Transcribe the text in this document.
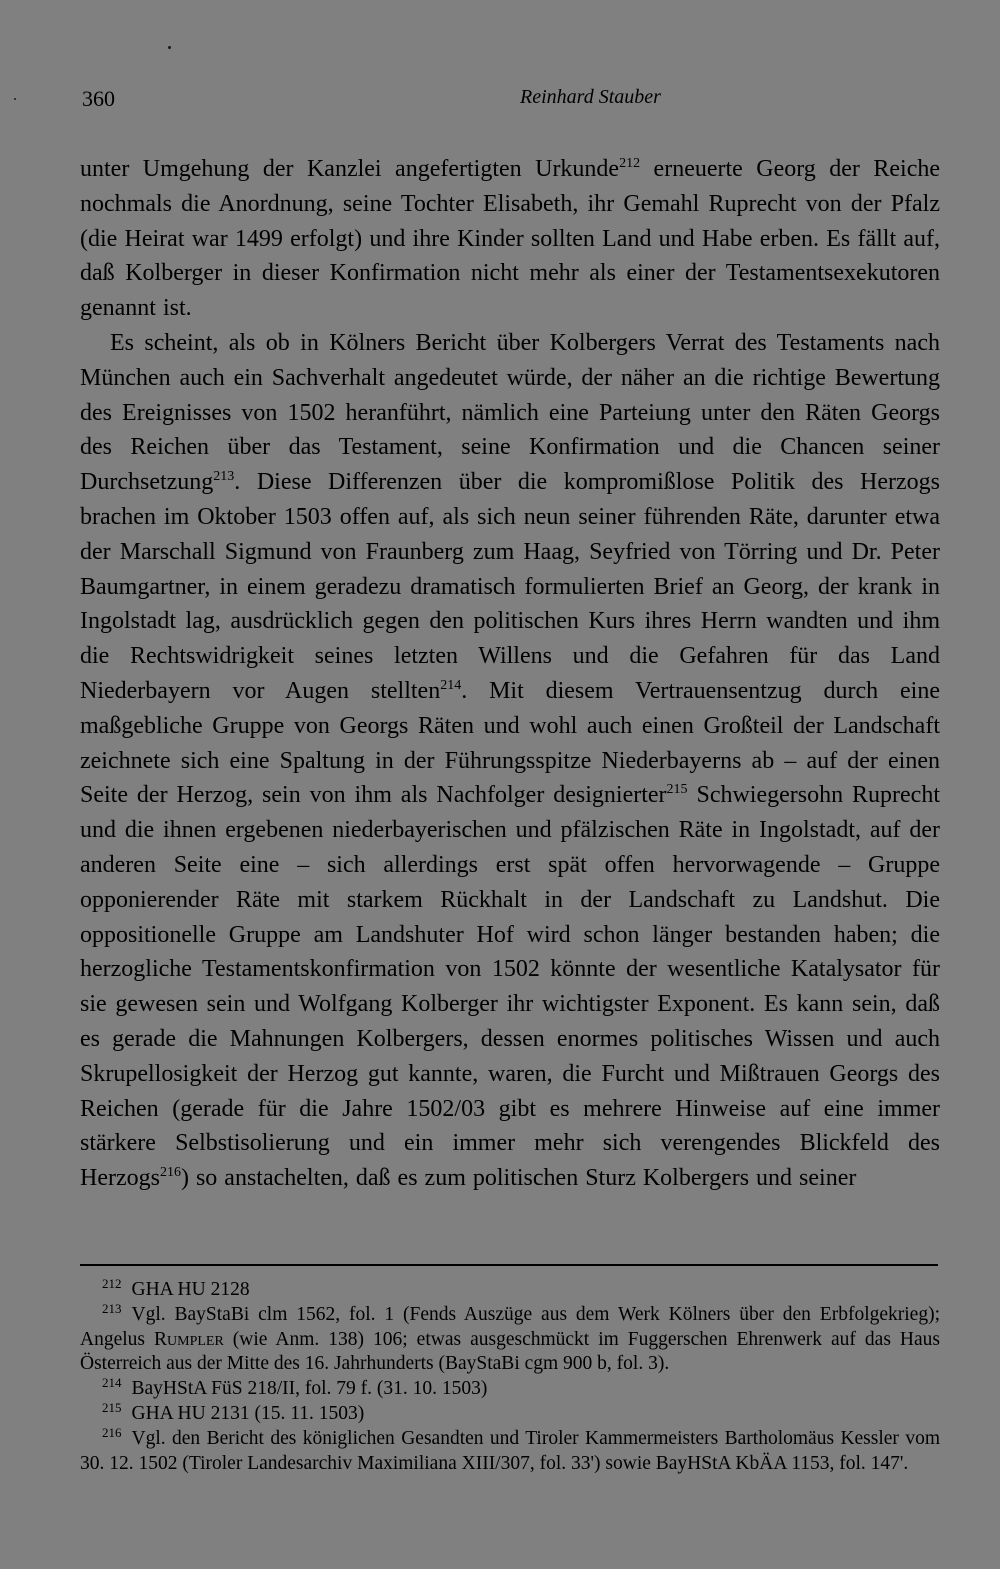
360	Reinhard Stauber

unter Umgehung der Kanzlei angefertigten Urkunde$^{212}$ erneuerte Georg der Reiche nochmals die Anordnung, seine Tochter Elisabeth, ihr Gemahl Ruprecht von der Pfalz (die Heirat war 1499 erfolgt) und ihre Kinder sollten Land und Habe erben. Es fällt auf, daß Kolberger in dieser Konfirmation nicht mehr als einer der Testamentsexekutoren genannt ist.

Es scheint, als ob in Kölners Bericht über Kolbergers Verrat des Testaments nach München auch ein Sachverhalt angedeutet würde, der näher an die richtige Bewertung des Ereignisses von 1502 heranführt, nämlich eine Parteiung unter den Räten Georgs des Reichen über das Testament, seine Konfirmation und die Chancen seiner Durchsetzung$^{213}$. Diese Differenzen über die kompromißlose Politik des Herzogs brachen im Oktober 1503 offen auf, als sich neun seiner führenden Räte, darunter etwa der Marschall Sigmund von Fraunberg zum Haag, Seyfried von Törring und Dr. Peter Baumgartner, in einem geradezu dramatisch formulierten Brief an Georg, der krank in Ingolstadt lag, ausdrücklich gegen den politischen Kurs ihres Herrn wandten und ihm die Rechtswidrigkeit seines letzten Willens und die Gefahren für das Land Niederbayern vor Augen stellten$^{214}$. Mit diesem Vertrauensentzug durch eine maßgebliche Gruppe von Georgs Räten und wohl auch einen Großteil der Landschaft zeichnete sich eine Spaltung in der Führungsspitze Niederbayerns ab – auf der einen Seite der Herzog, sein von ihm als Nachfolger designierter$^{215}$ Schwiegersohn Ruprecht und die ihnen ergebenen niederbayerischen und pfälzischen Räte in Ingolstadt, auf der anderen Seite eine – sich allerdings erst spät offen hervorwagende – Gruppe opponierender Räte mit starkem Rückhalt in der Landschaft zu Landshut. Die oppositionelle Gruppe am Landshuter Hof wird schon länger bestanden haben; die herzogliche Testamentskonfirmation von 1502 könnte der wesentliche Katalysator für sie gewesen sein und Wolfgang Kolberger ihr wichtigster Exponent. Es kann sein, daß es gerade die Mahnungen Kolbergers, dessen enormes politisches Wissen und auch Skrupellosigkeit der Herzog gut kannte, waren, die Furcht und Mißtrauen Georgs des Reichen (gerade für die Jahre 1502/03 gibt es mehrere Hinweise auf eine immer stärkere Selbstisolierung und ein immer mehr sich verengendes Blickfeld des Herzogs$^{216}$) so anstachelten, daß es zum politischen Sturz Kolbergers und seiner

212 GHA HU 2128

213 Vgl. BayStaBi clm 1562, fol. 1 (Fends Auszüge aus dem Werk Kölners über den Erbfolgekrieg); Angelus Rumpler (wie Anm. 138) 106; etwas ausgeschmückt im Fuggerschen Ehrenwerk auf das Haus Österreich aus der Mitte des 16. Jahrhunderts (BayStaBi cgm 900 b, fol. 3).

214 BayHStA FüS 218/II, fol. 79 f. (31. 10. 1503)

215 GHA HU 2131 (15. 11. 1503)

216 Vgl. den Bericht des königlichen Gesandten und Tiroler Kammermeisters Bartholomäus Kessler vom 30. 12. 1502 (Tiroler Landesarchiv Maximiliana XIII/307, fol. 33') sowie BayHStA KbÄA 1153, fol. 147'.
